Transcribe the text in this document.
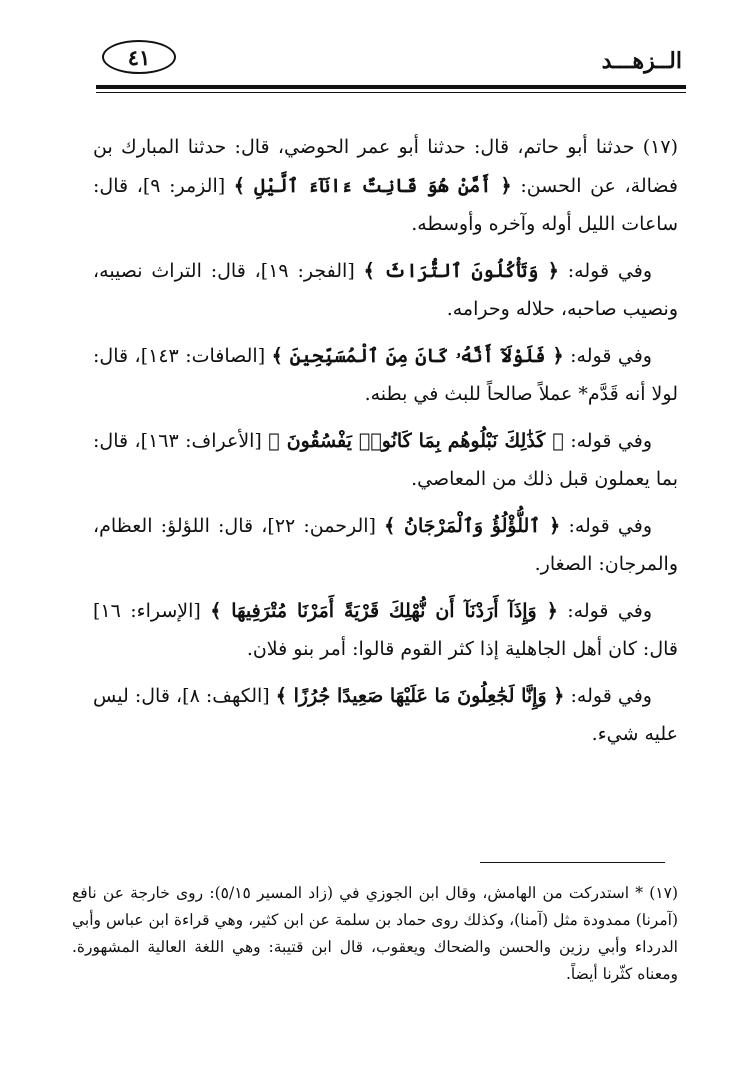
٤١	الــزهـــد

(١٧) حدثنا أبو حاتم، قال: حدثنا أبو عمر الحوضي، قال: حدثنا المبارك بن فضالة، عن الحسن: ﴿ أَمَّنْ هُوَ قَانِتٌ ءَانَآءَ ٱلَّيْلِ ﴾ [الزمر: ٩]، قال: ساعات الليل أوله وآخره وأوسطه.

وفي قوله: ﴿ وَتَأْكُلُونَ ٱلتُّرَاثَ ﴾ [الفجر: ١٩]، قال: التراث نصيبه، ونصيب صاحبه، حلاله وحرامه.

وفي قوله: ﴿ فَلَوْلَآ أَنَّهُۥ كَانَ مِنَ ٱلْمُسَبِّحِينَ ﴾ [الصافات: ١٤٣]، قال: لولا أنه قَدَّم* عملاً صالحاً للبث في بطنه.

وفي قوله: ﴿ كَذَٰلِكَ نَبْلُوهُم بِمَا كَانُوا۟ يَفْسُقُونَ ﴾ [الأعراف: ١٦٣]، قال: بما يعملون قبل ذلك من المعاصي.

وفي قوله: ﴿ ٱللُّؤْلُؤُ وَٱلْمَرْجَانُ ﴾ [الرحمن: ٢٢]، قال: اللؤلؤ: العظام، والمرجان: الصغار.

وفي قوله: ﴿ وَإِذَآ أَرَدْنَآ أَن نُّهْلِكَ قَرْيَةً أَمَرْنَا مُتْرَفِيهَا ﴾ [الإسراء: ١٦] قال: كان أهل الجاهلية إذا كثر القوم قالوا: أمر بنو فلان.

وفي قوله: ﴿ وَإِنَّا لَجَٰعِلُونَ مَا عَلَيْهَا صَعِيدًا جُرُزًا ﴾ [الكهف: ٨]، قال: ليس عليه شيء.

(١٧) * استدركت من الهامش، وقال ابن الجوزي في (زاد المسير ٥/١٥): روى خارجة عن نافع (آمرنا) ممدودة مثل (آمنا)، وكذلك روى حماد بن سلمة عن ابن كثير، وهي قراءة ابن عباس وأبي الدرداء وأبي رزين والحسن والضحاك ويعقوب، قال ابن قتيبة: وهي اللغة العالية المشهورة. ومعناه كثّرنا أيضاً.
